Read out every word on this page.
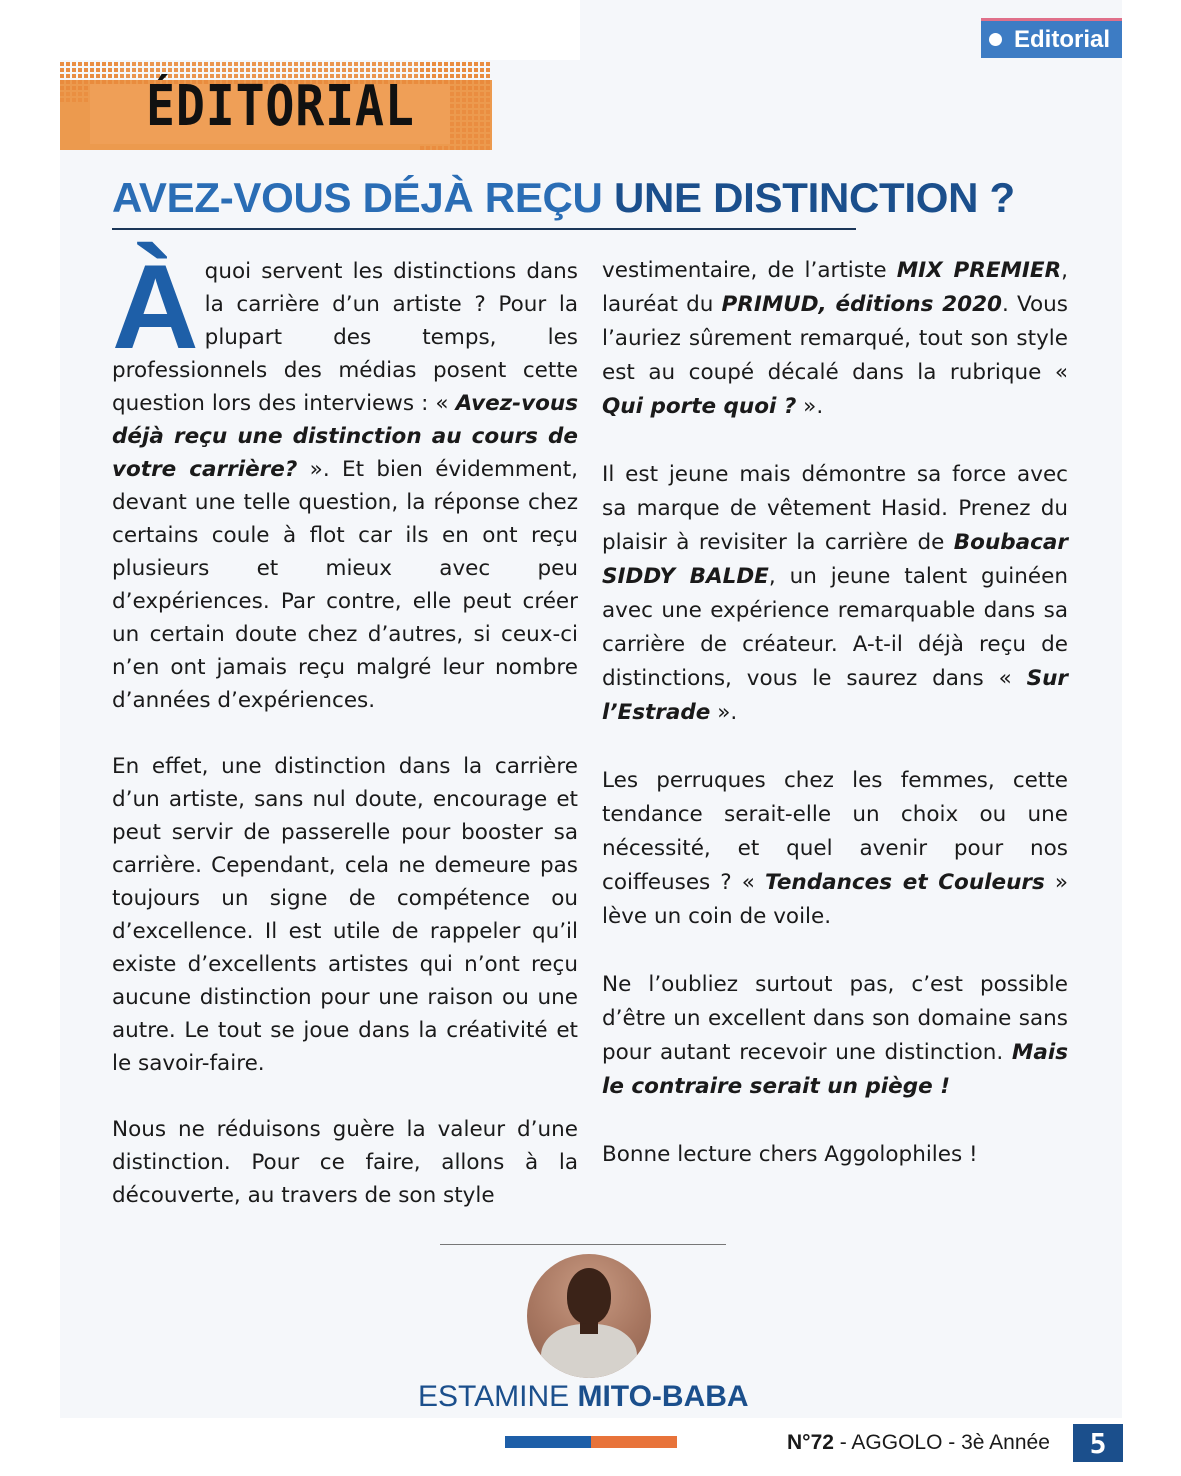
Editorial
ÉDITORIAL
AVEZ-VOUS DÉJÀ REÇU UNE DISTINCTION ?

À quoi servent les distinctions dans la carrière d’un artiste ? Pour la plupart des temps, les professionnels des médias posent cette question lors des interviews : « Avez-vous déjà reçu une distinction au cours de votre carrière? ». Et bien évidemment, devant une telle question, la réponse chez certains coule à flot car ils en ont reçu plusieurs et mieux avec peu d’expériences. Par contre, elle peut créer un certain doute chez d’autres, si ceux-ci n’en ont jamais reçu malgré leur nombre d’années d’expériences.

En effet, une distinction dans la carrière d’un artiste, sans nul doute, encourage et peut servir de passerelle pour booster sa carrière. Cependant, cela ne demeure pas toujours un signe de compétence ou d’excellence. Il est utile de rappeler qu’il existe d’excellents artistes qui n’ont reçu aucune distinction pour une raison ou une autre. Le tout se joue dans la créativité et le savoir-faire.

Nous ne réduisons guère la valeur d’une distinction. Pour ce faire, allons à la découverte, au travers de son style

vestimentaire, de l’artiste MIX PREMIER, lauréat du PRIMUD, éditions 2020. Vous l’auriez sûrement remarqué, tout son style est au coupé décalé dans la rubrique « Qui porte quoi ? ».

Il est jeune mais démontre sa force avec sa marque de vêtement Hasid. Prenez du plaisir à revisiter la carrière de Boubacar SIDDY BALDE, un jeune talent guinéen avec une expérience remarquable dans sa carrière de créateur. A-t-il déjà reçu de distinctions, vous le saurez dans « Sur l’Estrade ».

Les perruques chez les femmes, cette tendance serait-elle un choix ou une nécessité, et quel avenir pour nos coiffeuses ? « Tendances et Couleurs » lève un coin de voile.

Ne l’oubliez surtout pas, c’est possible d’être un excellent dans son domaine sans pour autant recevoir une distinction. Mais le contraire serait un piège !

Bonne lecture chers Aggolophiles !

ESTAMINE MITO-BABA
N°72 - AGGOLO - 3è Année	5
